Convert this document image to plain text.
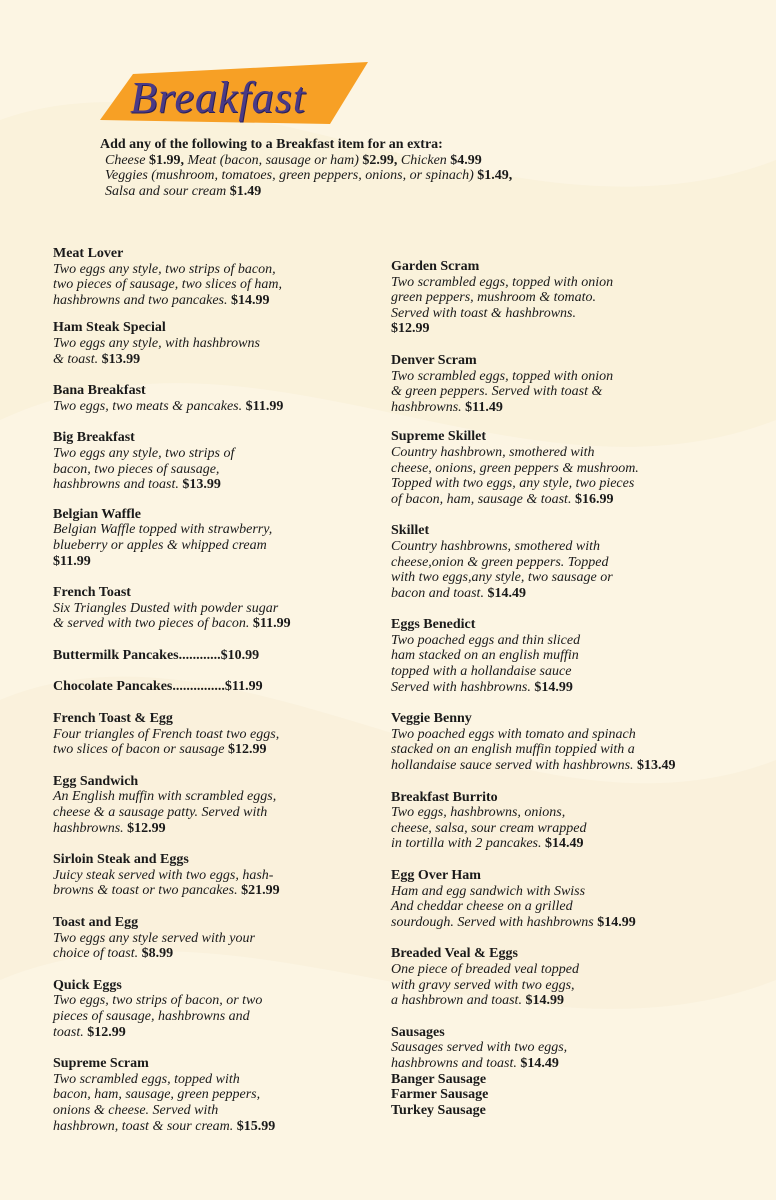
Breakfast
Add any of the following to a Breakfast item for an extra:
Cheese $1.99, Meat (bacon, sausage or ham) $2.99, Chicken $4.99
Veggies (mushroom, tomatoes, green peppers, onions, or spinach) $1.49,
Salsa and sour cream $1.49
Meat Lover
Two eggs any style, two strips of bacon,
two pieces of sausage, two slices of ham,
hashbrowns and two pancakes. $14.99
Ham Steak Special
Two eggs any style, with hashbrowns
& toast. $13.99
Bana Breakfast
Two eggs, two meats & pancakes. $11.99
Big Breakfast
Two eggs any style, two strips of
bacon, two pieces of sausage,
hashbrowns and toast. $13.99
Belgian Waffle
Belgian Waffle topped with strawberry,
blueberry or apples & whipped cream
$11.99
French Toast
Six Triangles Dusted with powder sugar
& served with two pieces of bacon. $11.99
Buttermilk Pancakes............$10.99
Chocolate Pancakes...............$11.99
French Toast & Egg
Four triangles of French toast two eggs,
two slices of bacon or sausage $12.99
Egg Sandwich
An English muffin with scrambled eggs,
cheese & a sausage patty. Served with
hashbrowns. $12.99
Sirloin Steak and Eggs
Juicy steak served with two eggs, hash-
browns & toast or two pancakes. $21.99
Toast and Egg
Two eggs any style served with your
choice of toast. $8.99
Quick Eggs
Two eggs, two strips of bacon, or two
pieces of sausage, hashbrowns and
toast. $12.99
Supreme Scram
Two scrambled eggs, topped with
bacon, ham, sausage, green peppers,
onions & cheese. Served with
hashbrown, toast & sour cream. $15.99
Garden Scram
Two scrambled eggs, topped with onion
green peppers, mushroom & tomato.
Served with toast & hashbrowns.
$12.99
Denver Scram
Two scrambled eggs, topped with onion
& green peppers. Served with toast &
hashbrowns. $11.49
Supreme Skillet
Country hashbrown, smothered with
cheese, onions, green peppers & mushroom.
Topped with two eggs, any style, two pieces
of bacon, ham, sausage & toast. $16.99
Skillet
Country hashbrowns, smothered with
cheese,onion & green peppers. Topped
with two eggs,any style, two sausage or
bacon and toast. $14.49
Eggs Benedict
Two poached eggs and thin sliced
ham stacked on an english muffin
topped with a hollandaise sauce
Served with hashbrowns. $14.99
Veggie Benny
Two poached eggs with tomato and spinach
stacked on an english muffin toppied with a
hollandaise sauce served with hashbrowns. $13.49
Breakfast Burrito
Two eggs, hashbrowns, onions,
cheese, salsa, sour cream wrapped
in tortilla with 2 pancakes. $14.49
Egg Over Ham
Ham and egg sandwich with Swiss
And cheddar cheese on a grilled
sourdough. Served with hashbrowns $14.99
Breaded Veal & Eggs
One piece of breaded veal topped
with gravy served with two eggs,
a hashbrown and toast. $14.99
Sausages
Sausages served with two eggs,
hashbrowns and toast. $14.49
Banger Sausage
Farmer Sausage
Turkey Sausage
